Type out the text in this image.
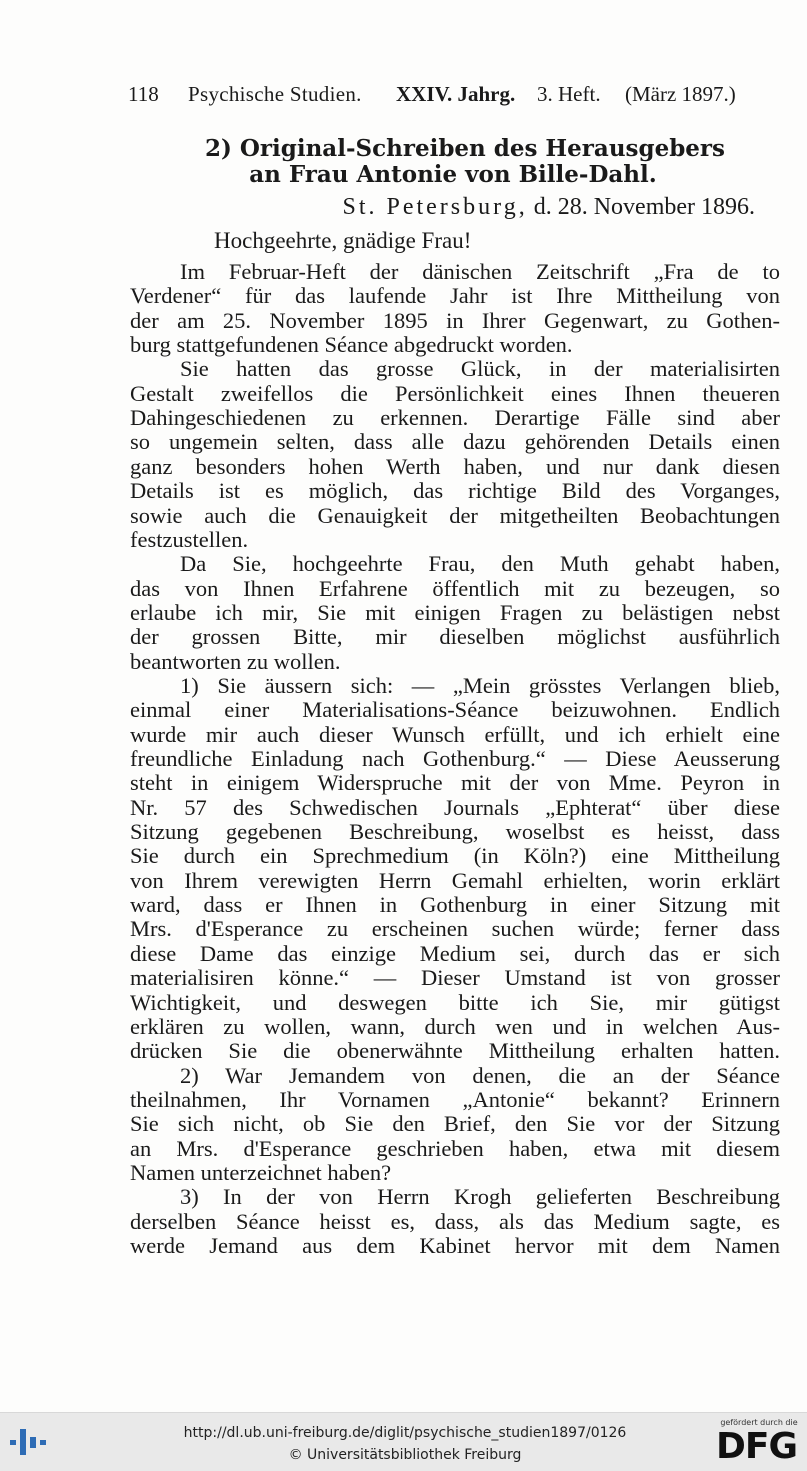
118 Psychische Studien. XXIV. Jahrg. 3. Heft. (März 1897.)
2) Original-Schreiben des Herausgebers
an Frau Antonie von Bille-Dahl.
St. Petersburg, d. 28. November 1896.
Hochgeehrte, gnädige Frau!
Im Februar-Heft der dänischen Zeitschrift „Fra de to
Verdener“ für das laufende Jahr ist Ihre Mittheilung von
der am 25. November 1895 in Ihrer Gegenwart, zu Gothen-
burg stattgefundenen Séance abgedruckt worden.
Sie hatten das grosse Glück, in der materialisirten
Gestalt zweifellos die Persönlichkeit eines Ihnen theueren
Dahingeschiedenen zu erkennen. Derartige Fälle sind aber
so ungemein selten, dass alle dazu gehörenden Details einen
ganz besonders hohen Werth haben, und nur dank diesen
Details ist es möglich, das richtige Bild des Vorganges,
sowie auch die Genauigkeit der mitgetheilten Beobachtungen
festzustellen.
Da Sie, hochgeehrte Frau, den Muth gehabt haben,
das von Ihnen Erfahrene öffentlich mit zu bezeugen, so
erlaube ich mir, Sie mit einigen Fragen zu belästigen nebst
der grossen Bitte, mir dieselben möglichst ausführlich
beantworten zu wollen.
1) Sie äussern sich: — „Mein grösstes Verlangen blieb,
einmal einer Materialisations-Séance beizuwohnen. Endlich
wurde mir auch dieser Wunsch erfüllt, und ich erhielt eine
freundliche Einladung nach Gothenburg.“ — Diese Aeusserung
steht in einigem Widerspruche mit der von Mme. Peyron in
Nr. 57 des Schwedischen Journals „Ephterat“ über diese
Sitzung gegebenen Beschreibung, woselbst es heisst, dass
Sie durch ein Sprechmedium (in Köln?) eine Mittheilung
von Ihrem verewigten Herrn Gemahl erhielten, worin erklärt
ward, dass er Ihnen in Gothenburg in einer Sitzung mit
Mrs. d'Esperance zu erscheinen suchen würde; ferner dass
diese Dame das einzige Medium sei, durch das er sich
materialisiren könne.“ — Dieser Umstand ist von grosser
Wichtigkeit, und deswegen bitte ich Sie, mir gütigst
erklären zu wollen, wann, durch wen und in welchen Aus-
drücken Sie die obenerwähnte Mittheilung erhalten hatten.
2) War Jemandem von denen, die an der Séance
theilnahmen, Ihr Vornamen „Antonie“ bekannt? Erinnern
Sie sich nicht, ob Sie den Brief, den Sie vor der Sitzung
an Mrs. d'Esperance geschrieben haben, etwa mit diesem
Namen unterzeichnet haben?
3) In der von Herrn Krogh gelieferten Beschreibung
derselben Séance heisst es, dass, als das Medium sagte, es
werde Jemand aus dem Kabinet hervor mit dem Namen
http://dl.ub.uni-freiburg.de/diglit/psychische_studien1897/0126
© Universitätsbibliothek Freiburg
gefördert durch die
DFG
